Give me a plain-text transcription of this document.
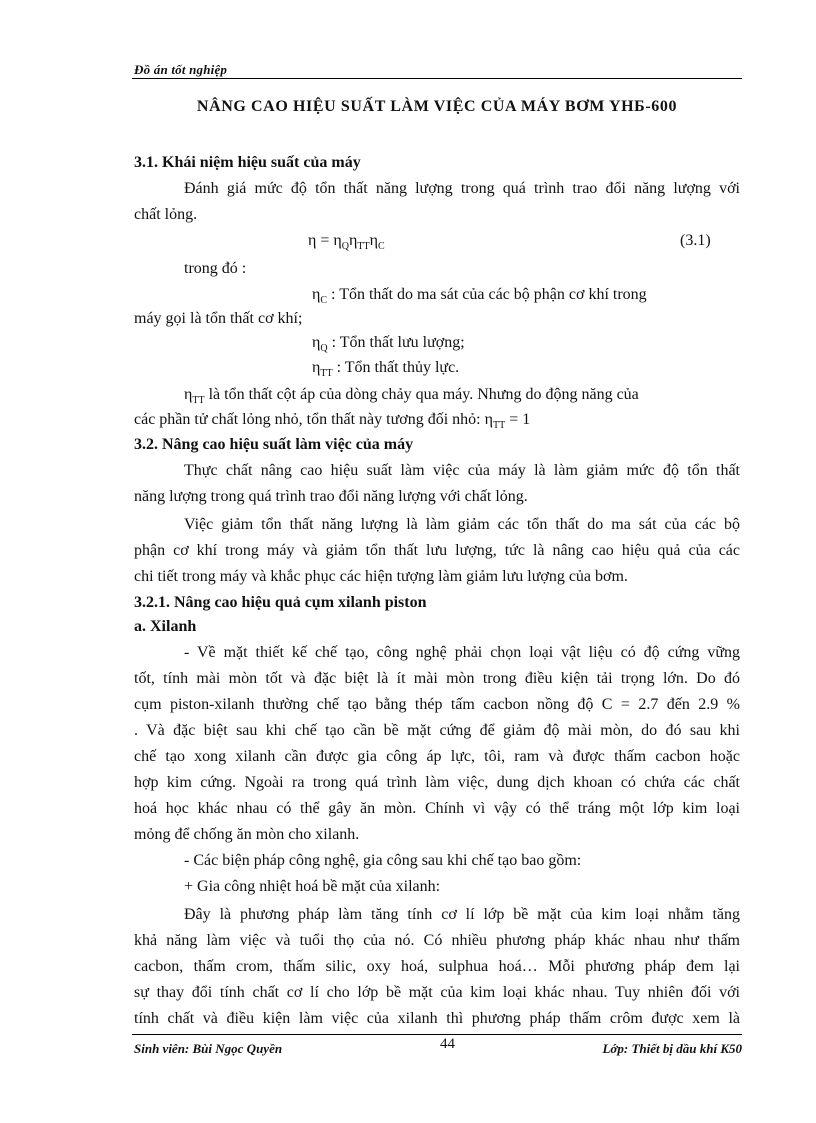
Đồ án tốt nghiệp
NÂNG CAO HIỆU SUẤT LÀM VIỆC CỦA MÁY BƠM YHБ-600
3.1. Khái niệm hiệu suất của máy
Đánh giá mức độ tổn thất năng lượng trong quá trình trao đổi năng lượng với
chất lỏng.
$\eta = \eta_Q\eta_{TT}\eta_C$	(3.1)
trong đó :
$\eta_C$ : Tổn thất do ma sát của các bộ phận cơ khí trong
máy gọi là tổn thất cơ khí;
$\eta_Q$ : Tổn thất lưu lượng;
$\eta_{TT}$ : Tổn thất thủy lực.
$\eta_{TT}$ là tổn thất cột áp của dòng chảy qua máy. Nhưng do động năng của
các phần tử chất lỏng nhỏ, tổn thất này tương đối nhỏ: $\eta_{TT} = 1$
3.2. Nâng cao hiệu suất làm việc của máy
Thực chất nâng cao hiệu suất làm việc của máy là làm giảm mức độ tổn thất
năng lượng trong quá trình trao đổi năng lượng với chất lỏng.
Việc giảm tổn thất năng lượng là làm giảm các tổn thất do ma sát của các bộ
phận cơ khí trong máy và giảm tổn thất lưu lượng, tức là nâng cao hiệu quả của các
chi tiết trong máy và khắc phục các hiện tượng làm giảm lưu lượng của bơm.
3.2.1. Nâng cao hiệu quả cụm xilanh piston
a. Xilanh
- Về mặt thiết kế chế tạo, công nghệ phải chọn loại vật liệu có độ cứng vững
tốt, tính mài mòn tốt và đặc biệt là ít mài mòn trong điều kiện tải trọng lớn. Do đó
cụm piston-xilanh thường chế tạo bằng thép tấm cacbon nồng độ C = 2.7 đến 2.9 %
. Và đặc biệt sau khi chế tạo cần bề mặt cứng để giảm độ mài mòn, do đó sau khi
chế tạo xong xilanh cần được gia công áp lực, tôi, ram và được thấm cacbon hoặc
hợp kim cứng. Ngoài ra trong quá trình làm việc, dung dịch khoan có chứa các chất
hoá học khác nhau có thể gây ăn mòn. Chính vì vậy có thể tráng một lớp kim loại
mỏng để chống ăn mòn cho xilanh.
- Các biện pháp công nghệ, gia công sau khi chế tạo bao gồm:
+ Gia công nhiệt hoá bề mặt của xilanh:
Đây là phương pháp làm tăng tính cơ lí lớp bề mặt của kim loại nhằm tăng
khả năng làm việc và tuổi thọ của nó. Có nhiều phương pháp khác nhau như thấm
cacbon, thấm crom, thấm silic, oxy hoá, sulphua hoá… Mỗi phương pháp đem lại
sự thay đổi tính chất cơ lí cho lớp bề mặt của kim loại khác nhau. Tuy nhiên đối với
tính chất và điều kiện làm việc của xilanh thì phương pháp thấm crôm được xem là
Sinh viên: Bùi Ngọc Quyền	44	Lớp: Thiết bị dầu khí K50
